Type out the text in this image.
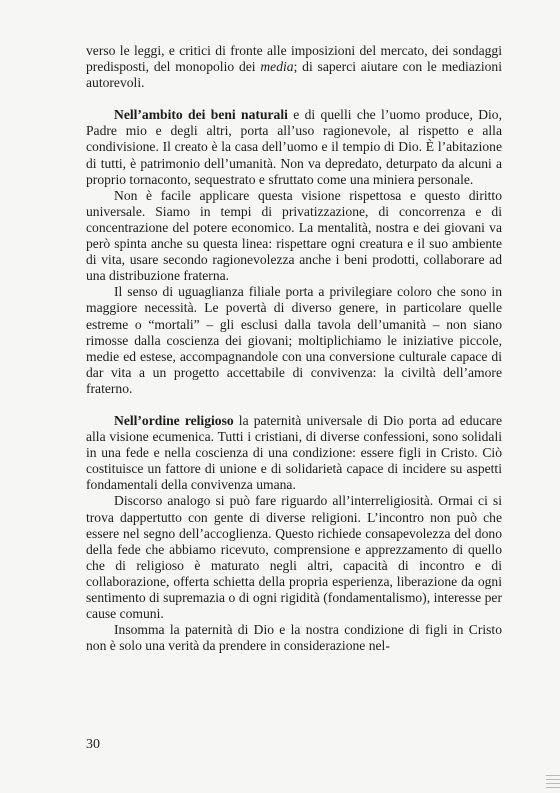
verso le leggi, e critici di fronte alle imposizioni del mercato, dei sondaggi predisposti, del monopolio dei media; di saperci aiutare con le mediazioni autorevoli.

Nell’ambito dei beni naturali e di quelli che l’uomo produce, Dio, Padre mio e degli altri, porta all’uso ragionevole, al rispetto e alla condivisione. Il creato è la casa dell’uomo e il tempio di Dio. È l’abitazione di tutti, è patrimonio dell’umanità. Non va depredato, deturpato da alcuni a proprio tornaconto, sequestrato e sfruttato come una miniera personale.

Non è facile applicare questa visione rispettosa e questo diritto universale. Siamo in tempi di privatizzazione, di concorrenza e di concentrazione del potere economico. La mentalità, nostra e dei giovani va però spinta anche su questa linea: rispettare ogni creatura e il suo ambiente di vita, usare secondo ragionevolezza anche i beni prodotti, collaborare ad una distribuzione fraterna.

Il senso di uguaglianza filiale porta a privilegiare coloro che sono in maggiore necessità. Le povertà di diverso genere, in particolare quelle estreme o “mortali” – gli esclusi dalla tavola dell’umanità – non siano rimosse dalla coscienza dei giovani; moltiplichiamo le iniziative piccole, medie ed estese, accompagnandole con una conversione culturale capace di dar vita a un progetto accettabile di convivenza: la civiltà dell’amore fraterno.

Nell’ordine religioso la paternità universale di Dio porta ad educare alla visione ecumenica. Tutti i cristiani, di diverse confessioni, sono solidali in una fede e nella coscienza di una condizione: essere figli in Cristo. Ciò costituisce un fattore di unione e di solidarietà capace di incidere su aspetti fondamentali della convivenza umana.

Discorso analogo si può fare riguardo all’interreligiosità. Ormai ci si trova dappertutto con gente di diverse religioni. L’incontro non può che essere nel segno dell’accoglienza. Questo richiede consapevolezza del dono della fede che abbiamo ricevuto, comprensione e apprezzamento di quello che di religioso è maturato negli altri, capacità di incontro e di collaborazione, offerta schietta della propria esperienza, liberazione da ogni sentimento di supremazia o di ogni rigidità (fondamentalismo), interesse per cause comuni.

Insomma la paternità di Dio e la nostra condizione di figli in Cristo non è solo una verità da prendere in considerazione nel-

30
